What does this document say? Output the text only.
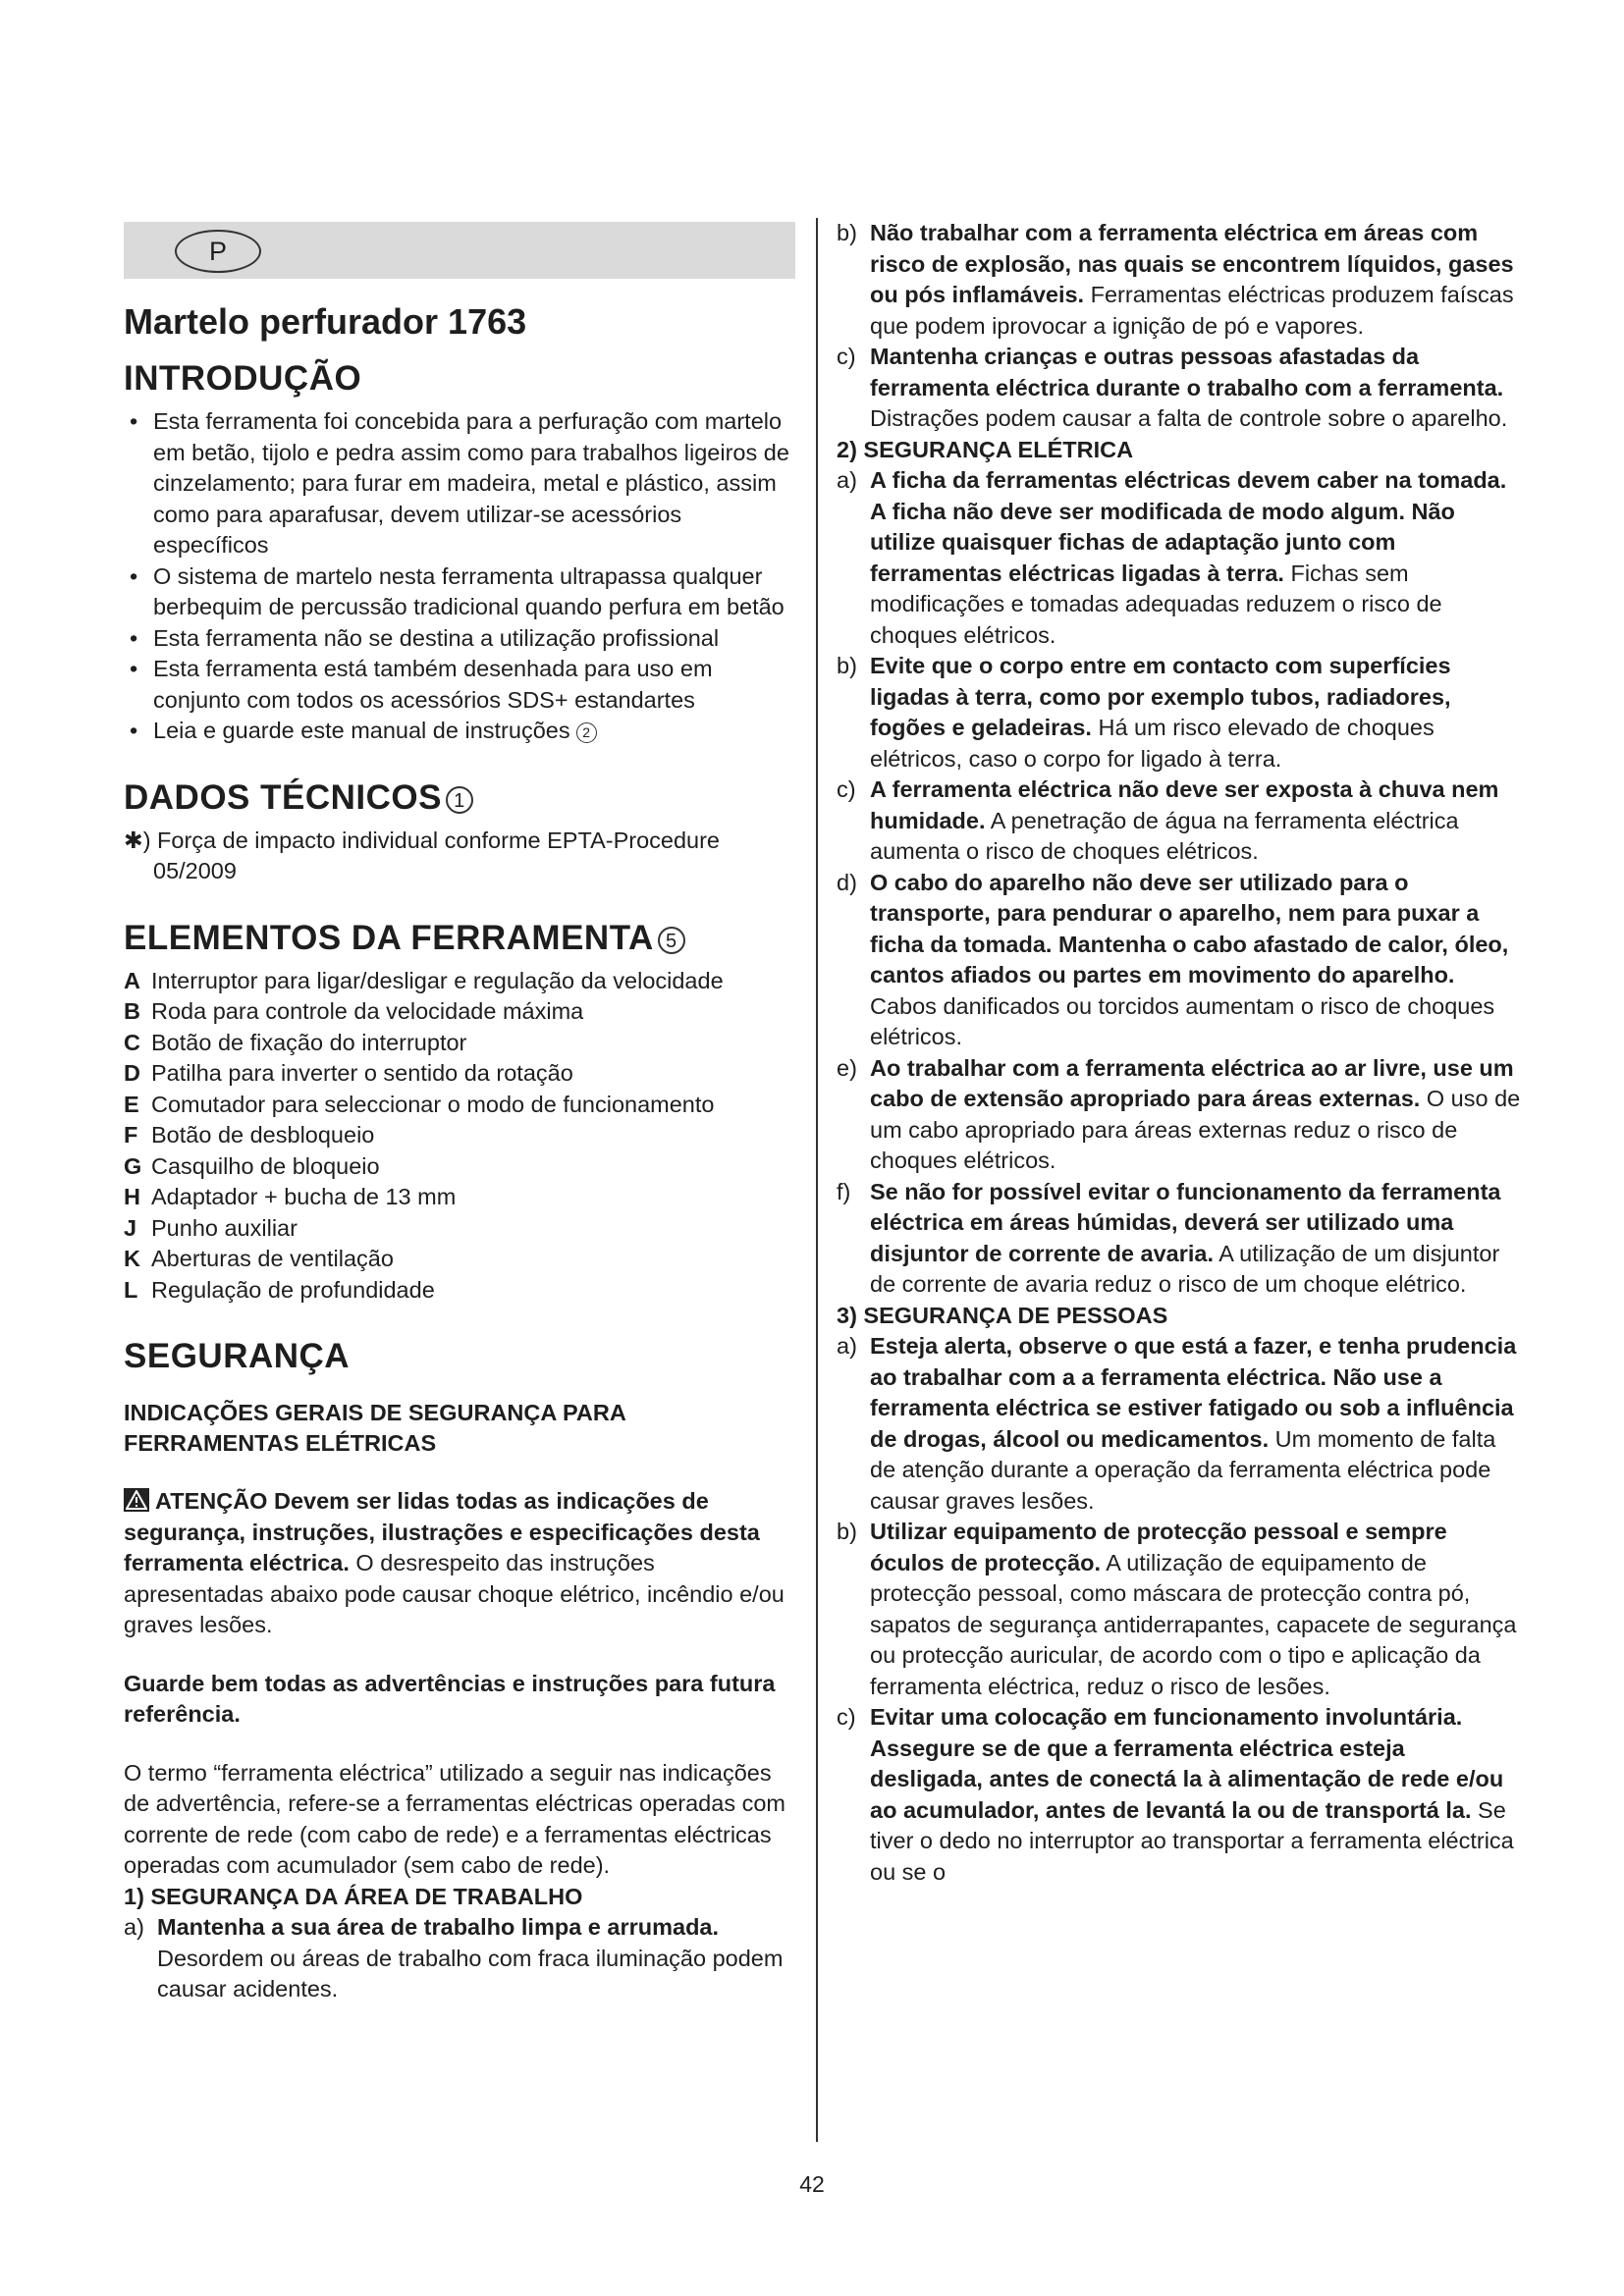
P
Martelo perfurador 1763
INTRODUÇÃO
• Esta ferramenta foi concebida para a perfuração com martelo em betão, tijolo e pedra assim como para trabalhos ligeiros de cinzelamento; para furar em madeira, metal e plástico, assim como para aparafusar, devem utilizar-se acessórios específicos
• O sistema de martelo nesta ferramenta ultrapassa qualquer berbequim de percussão tradicional quando perfura em betão
• Esta ferramenta não se destina a utilização profissional
• Esta ferramenta está também desenhada para uso em conjunto com todos os acessórios SDS+ estandartes
• Leia e guarde este manual de instruções 2
DADOS TÉCNICOS 1

✱) Força de impacto individual conforme EPTA-Procedure 05/2009

ELEMENTOS DA FERRAMENTA 5
A Interruptor para ligar/desligar e regulação da velocidade
B Roda para controle da velocidade máxima
C Botão de fixação do interruptor
D Patilha para inverter o sentido da rotação
E Comutador para seleccionar o modo de funcionamento
F Botão de desbloqueio
G Casquilho de bloqueio
H Adaptador + bucha de 13 mm
J Punho auxiliar
K Aberturas de ventilação
L Regulação de profundidade
SEGURANÇA
INDICAÇÕES GERAIS DE SEGURANÇA PARA FERRAMENTAS ELÉTRICAS

ATENÇÃO Devem ser lidas todas as indicações de segurança, instruções, ilustrações e especificações desta ferramenta eléctrica. O desrespeito das instruções apresentadas abaixo pode causar choque elétrico, incêndio e/ou graves lesões.

Guarde bem todas as advertências e instruções para futura referência.

O termo “ferramenta eléctrica” utilizado a seguir nas indicações de advertência, refere-se a ferramentas eléctricas operadas com corrente de rede (com cabo de rede) e a ferramentas eléctricas operadas com acumulador (sem cabo de rede).

1) SEGURANÇA DA ÁREA DE TRABALHO

a) Mantenha a sua área de trabalho limpa e arrumada. Desordem ou áreas de trabalho com fraca iluminação podem causar acidentes.

b) Não trabalhar com a ferramenta eléctrica em áreas com risco de explosão, nas quais se encontrem líquidos, gases ou pós inflamáveis. Ferramentas eléctricas produzem faíscas que podem iprovocar a ignição de pó e vapores.

c) Mantenha crianças e outras pessoas afastadas da ferramenta eléctrica durante o trabalho com a ferramenta. Distrações podem causar a falta de controle sobre o aparelho.

2) SEGURANÇA ELÉTRICA

a) A ficha da ferramentas eléctricas devem caber na tomada. A ficha não deve ser modificada de modo algum. Não utilize quaisquer fichas de adaptação junto com ferramentas eléctricas ligadas à terra. Fichas sem modificações e tomadas adequadas reduzem o risco de choques elétricos.

b) Evite que o corpo entre em contacto com superfícies ligadas à terra, como por exemplo tubos, radiadores, fogões e geladeiras. Há um risco elevado de choques elétricos, caso o corpo for ligado à terra.

c) A ferramenta eléctrica não deve ser exposta à chuva nem humidade. A penetração de água na ferramenta eléctrica aumenta o risco de choques elétricos.

d) O cabo do aparelho não deve ser utilizado para o transporte, para pendurar o aparelho, nem para puxar a ficha da tomada. Mantenha o cabo afastado de calor, óleo, cantos afiados ou partes em movimento do aparelho. Cabos danificados ou torcidos aumentam o risco de choques elétricos.

e) Ao trabalhar com a ferramenta eléctrica ao ar livre, use um cabo de extensão apropriado para áreas externas. O uso de um cabo apropriado para áreas externas reduz o risco de choques elétricos.

f) Se não for possível evitar o funcionamento da ferramenta eléctrica em áreas húmidas, deverá ser utilizado uma disjuntor de corrente de avaria. A utilização de um disjuntor de corrente de avaria reduz o risco de um choque elétrico.

3) SEGURANÇA DE PESSOAS

a) Esteja alerta, observe o que está a fazer, e tenha prudencia ao trabalhar com a a ferramenta eléctrica. Não use a ferramenta eléctrica se estiver fatigado ou sob a influência de drogas, álcool ou medicamentos. Um momento de falta de atenção durante a operação da ferramenta eléctrica pode causar graves lesões.

b) Utilizar equipamento de protecção pessoal e sempre óculos de protecção. A utilização de equipamento de protecção pessoal, como máscara de protecção contra pó, sapatos de segurança antiderrapantes, capacete de segurança ou protecção auricular, de acordo com o tipo e aplicação da ferramenta eléctrica, reduz o risco de lesões.

c) Evitar uma colocação em funcionamento involuntária. Assegure se de que a ferramenta eléctrica esteja desligada, antes de conectá la à alimentação de rede e/ou ao acumulador, antes de levantá la ou de transportá la. Se tiver o dedo no interruptor ao transportar a ferramenta eléctrica ou se o

42
